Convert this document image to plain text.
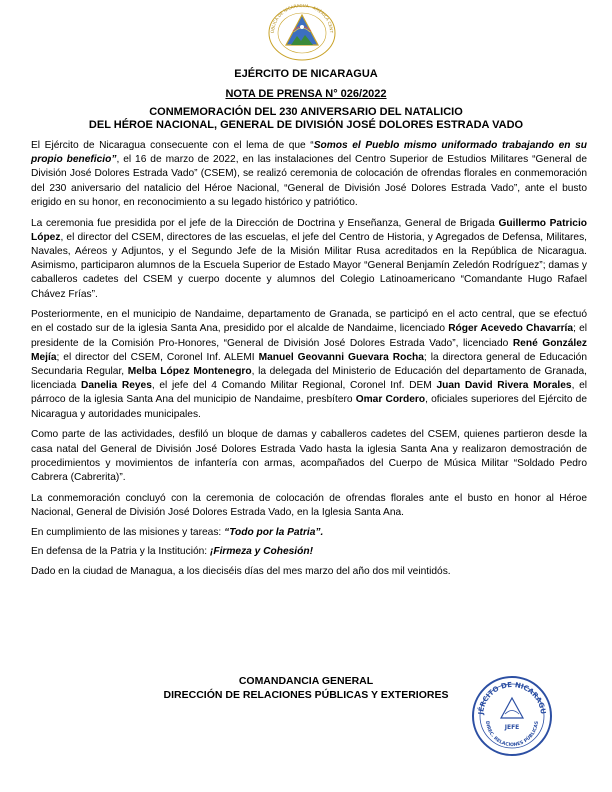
ÚBLICA DE NICARAGUA · AMÉRICA CENT
EJÉRCITO DE NICARAGUA
NOTA DE PRENSA N° 026/2022
CONMEMORACIÓN DEL 230 ANIVERSARIO DEL NATALICIO
DEL HÉROE NACIONAL, GENERAL DE DIVISIÓN JOSÉ DOLORES ESTRADA VADO

El Ejército de Nicaragua consecuente con el lema de que “Somos el Pueblo mismo uniformado trabajando en su propio beneficio”, el 16 de marzo de 2022, en las instalaciones del Centro Superior de Estudios Militares “General de División José Dolores Estrada Vado” (CSEM), se realizó ceremonia de colocación de ofrendas florales en conmemoración del 230 aniversario del natalicio del Héroe Nacional, “General de División José Dolores Estrada Vado”, ante el busto erigido en su honor, en reconocimiento a su legado histórico y patriótico.

La ceremonia fue presidida por el jefe de la Dirección de Doctrina y Enseñanza, General de Brigada Guillermo Patricio López, el director del CSEM, directores de las escuelas, el jefe del Centro de Historia, y Agregados de Defensa, Militares, Navales, Aéreos y Adjuntos, y el Segundo Jefe de la Misión Militar Rusa acreditados en la República de Nicaragua. Asimismo, participaron alumnos de la Escuela Superior de Estado Mayor “General Benjamín Zeledón Rodríguez”; damas y caballeros cadetes del CSEM y cuerpo docente y alumnos del Colegio Latinoamericano “Comandante Hugo Rafael Chávez Frías”.

Posteriormente, en el municipio de Nandaime, departamento de Granada, se participó en el acto central, que se efectuó en el costado sur de la iglesia Santa Ana, presidido por el alcalde de Nandaime, licenciado Róger Acevedo Chavarría; el presidente de la Comisión Pro-Honores, “General de División José Dolores Estrada Vado”, licenciado René González Mejía; el director del CSEM, Coronel Inf. ALEMI Manuel Geovanni Guevara Rocha; la directora general de Educación Secundaria Regular, Melba López Montenegro, la delegada del Ministerio de Educación del departamento de Granada, licenciada Danelia Reyes, el jefe del 4 Comando Militar Regional, Coronel Inf. DEM Juan David Rivera Morales, el párroco de la iglesia Santa Ana del municipio de Nandaime, presbítero Omar Cordero, oficiales superiores del Ejército de Nicaragua y autoridades municipales.

Como parte de las actividades, desfiló un bloque de damas y caballeros cadetes del CSEM, quienes partieron desde la casa natal del General de División José Dolores Estrada Vado hasta la iglesia Santa Ana y realizaron demostración de procedimientos y movimientos de infantería con armas, acompañados del Cuerpo de Música Militar “Soldado Pedro Cabrera (Cabrerita)”.

La conmemoración concluyó con la ceremonia de colocación de ofrendas florales ante el busto en honor al Héroe Nacional, General de División José Dolores Estrada Vado, en la Iglesia Santa Ana.

En cumplimiento de las misiones y tareas: “Todo por la Patria”.

En defensa de la Patria y la Institución: ¡Firmeza y Cohesión!

Dado en la ciudad de Managua, a los dieciséis días del mes marzo del año dos mil veintidós.

COMANDANCIA GENERAL
DIRECCIÓN DE RELACIONES PÚBLICAS Y EXTERIORES
JÉRCITO DE NICARAGU
DIREC. RELACIONES PÚBLICAS
JEFE
